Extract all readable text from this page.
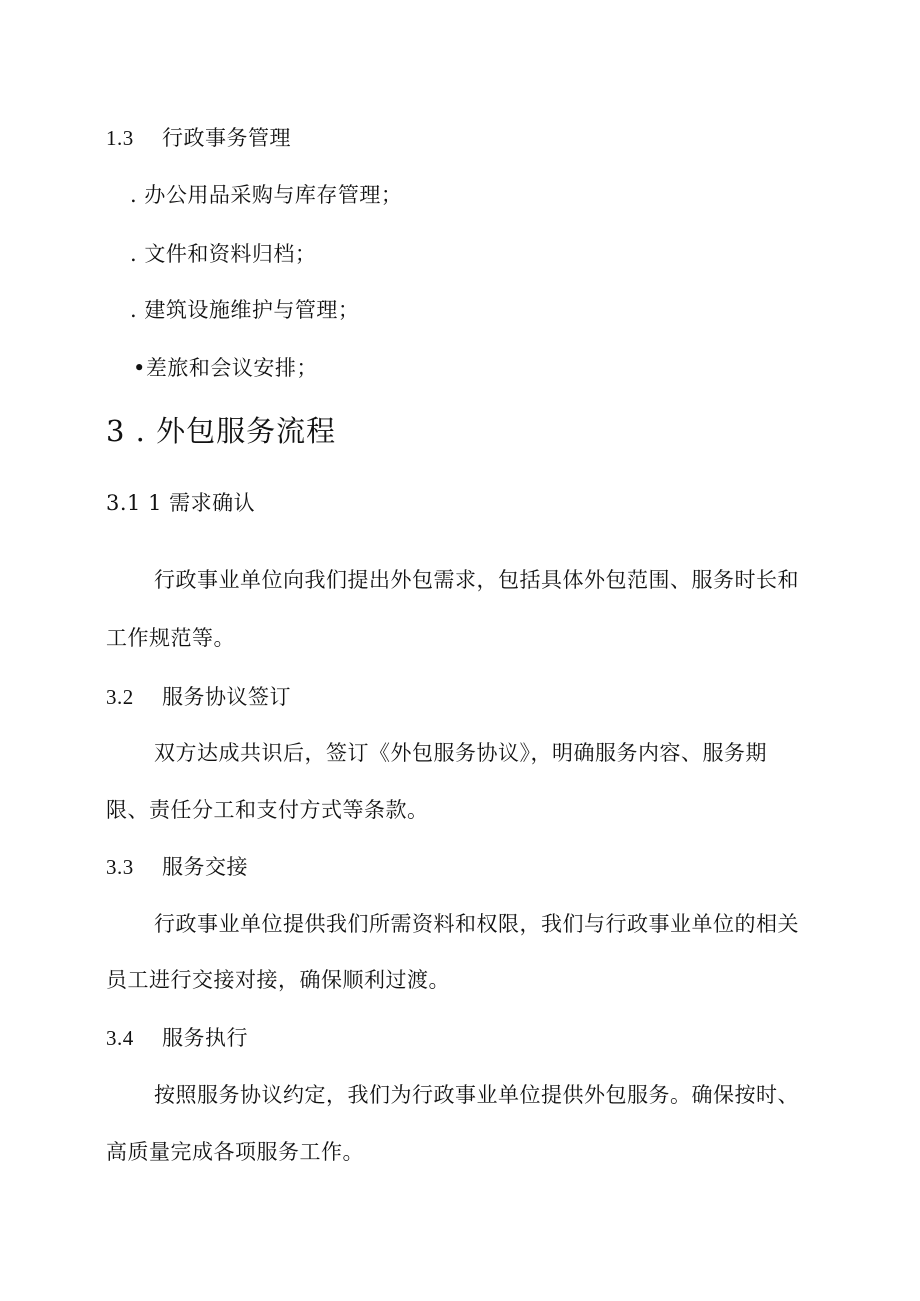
1.3 行政事务管理
. 办公用品采购与库存管理；
. 文件和资料归档；
. 建筑设施维护与管理；
•差旅和会议安排；
3 . 外包服务流程
3.1 1 需求确认
行政事业单位向我们提出外包需求，包括具体外包范围、服务时长和
工作规范等。
3.2 服务协议签订
双方达成共识后，签订《外包服务协议》，明确服务内容、服务期
限、责任分工和支付方式等条款。
3.3 服务交接
行政事业单位提供我们所需资料和权限，我们与行政事业单位的相关
员工进行交接对接，确保顺利过渡。
3.4 服务执行
按照服务协议约定，我们为行政事业单位提供外包服务。确保按时、
高质量完成各项服务工作。
